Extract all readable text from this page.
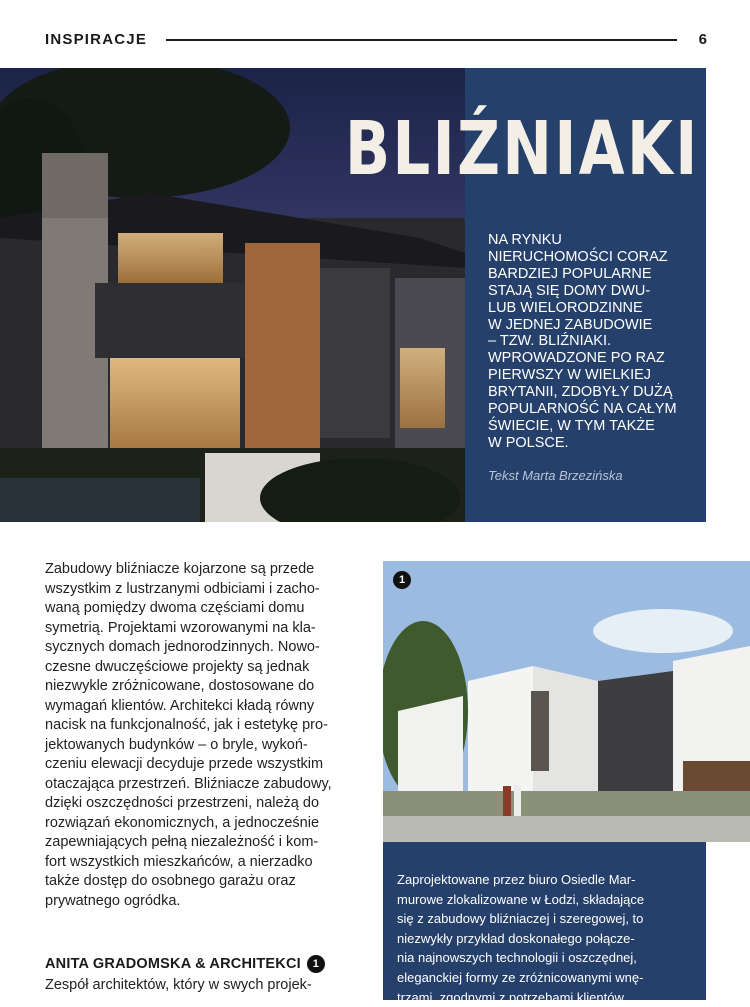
INSPIRACJE	6
BLIŹNIAKI
NA RYNKU
NIERUCHOMOŚCI CORAZ
BARDZIEJ POPULARNE
STAJĄ SIĘ DOMY DWU-
LUB WIELORODZINNE
W JEDNEJ ZABUDOWIE
– TZW. BLIŹNIAKI.
WPROWADZONE PO RAZ
PIERWSZY W WIELKIEJ
BRYTANII, ZDOBYŁY DUŻĄ
POPULARNOŚĆ NA CAŁYM
ŚWIECIE, W TYM TAKŻE
W POLSCE.
Tekst Marta Brzezińska
Zabudowy bliźniacze kojarzone są przede
wszystkim z lustrzanymi odbiciami i zacho-
waną pomiędzy dwoma częściami domu
symetrią. Projektami wzorowanymi na kla-
sycznych domach jednorodzinnych. Nowo-
czesne dwuczęściowe projekty są jednak
niezwykle zróżnicowane, dostosowane do
wymagań klientów. Architekci kładą równy
nacisk na funkcjonalność, jak i estetykę pro-
jektowanych budynków – o bryle, wykoń-
czeniu elewacji decyduje przede wszystkim
otaczająca przestrzeń. Bliźniacze zabudowy,
dzięki oszczędności przestrzeni, należą do
rozwiązań ekonomicznych, a jednocześnie
zapewniających pełną niezależność i kom-
fort wszystkich mieszkańców, a nierzadko
także dostęp do osobnego garażu oraz
prywatnego ogródka.
ANITA GRADOMSKA & ARCHITEKCI	1
Zespół architektów, który w swych projek-
1
Zaprojektowane przez biuro Osiedle Mar-
murowe zlokalizowane w Łodzi, składające
się z zabudowy bliźniaczej i szeregowej, to
niezwykły przykład doskonałego połącze-
nia najnowszych technologii i oszczędnej,
eleganckiej formy ze zróżnicowanymi wnę-
trzami, zgodnymi z potrzebami klientów.
